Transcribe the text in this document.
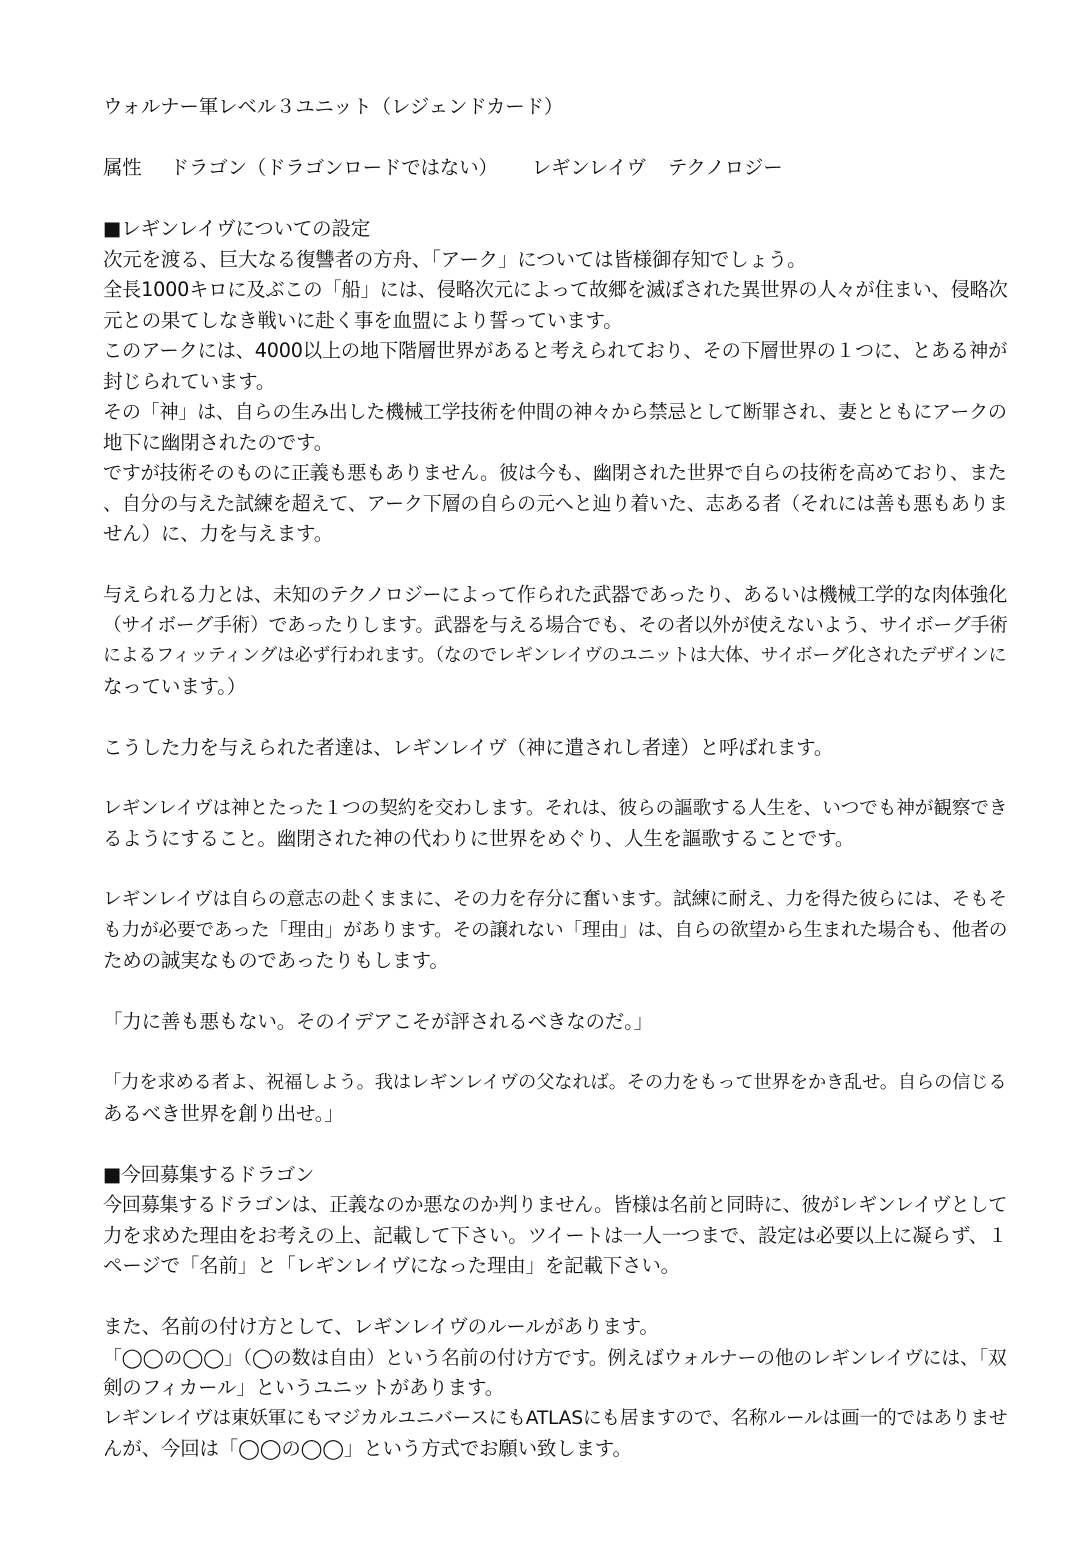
ウォルナー軍レベル３ユニット（レジェンドカード）
属性 ドラゴン（ドラゴンロードではない） レギンレイヴ テクノロジー
■レギンレイヴについての設定
次元を渡る、巨大なる復讐者の方舟、「アーク」については皆様御存知でしょう。
全長1000キロに及ぶこの「船」には、侵略次元によって故郷を滅ぼされた異世界の人々が住まい、侵略次
元との果てしなき戦いに赴く事を血盟により誓っています。
このアークには、4000以上の地下階層世界があると考えられており、その下層世界の１つに、とある神が
封じられています。
その「神」は、自らの生み出した機械工学技術を仲間の神々から禁忌として断罪され、妻とともにアークの
地下に幽閉されたのです。
ですが技術そのものに正義も悪もありません。彼は今も、幽閉された世界で自らの技術を高めており、また
、自分の与えた試練を超えて、アーク下層の自らの元へと辿り着いた、志ある者（それには善も悪もありま
せん）に、力を与えます。
与えられる力とは、未知のテクノロジーによって作られた武器であったり、あるいは機械工学的な肉体強化
（サイボーグ手術）であったりします。武器を与える場合でも、その者以外が使えないよう、サイボーグ手術
によるフィッティングは必ず行われます。（なのでレギンレイヴのユニットは大体、サイボーグ化されたデザインに
なっています。）
こうした力を与えられた者達は、レギンレイヴ（神に遣されし者達）と呼ばれます。
レギンレイヴは神とたった１つの契約を交わします。それは、彼らの謳歌する人生を、いつでも神が観察でき
るようにすること。幽閉された神の代わりに世界をめぐり、人生を謳歌することです。
レギンレイヴは自らの意志の赴くままに、その力を存分に奮います。試練に耐え、力を得た彼らには、そもそ
も力が必要であった「理由」があります。その譲れない「理由」は、自らの欲望から生まれた場合も、他者の
ための誠実なものであったりもします。
「力に善も悪もない。そのイデアこそが評されるべきなのだ。」
「力を求める者よ、祝福しよう。我はレギンレイヴの父なれば。その力をもって世界をかき乱せ。自らの信じる
あるべき世界を創り出せ。」
■今回募集するドラゴン
今回募集するドラゴンは、正義なのか悪なのか判りません。皆様は名前と同時に、彼がレギンレイヴとして
力を求めた理由をお考えの上、記載して下さい。ツイートは一人一つまで、設定は必要以上に凝らず、１
ページで「名前」と「レギンレイヴになった理由」を記載下さい。
また、名前の付け方として、レギンレイヴのルールがあります。
「◯◯の◯◯」（◯の数は自由）という名前の付け方です。例えばウォルナーの他のレギンレイヴには、「双
剣のフィカール」というユニットがあります。
レギンレイヴは東妖軍にもマジカルユニバースにもATLASにも居ますので、名称ルールは画一的ではありませ
んが、今回は「◯◯の◯◯」という方式でお願い致します。
